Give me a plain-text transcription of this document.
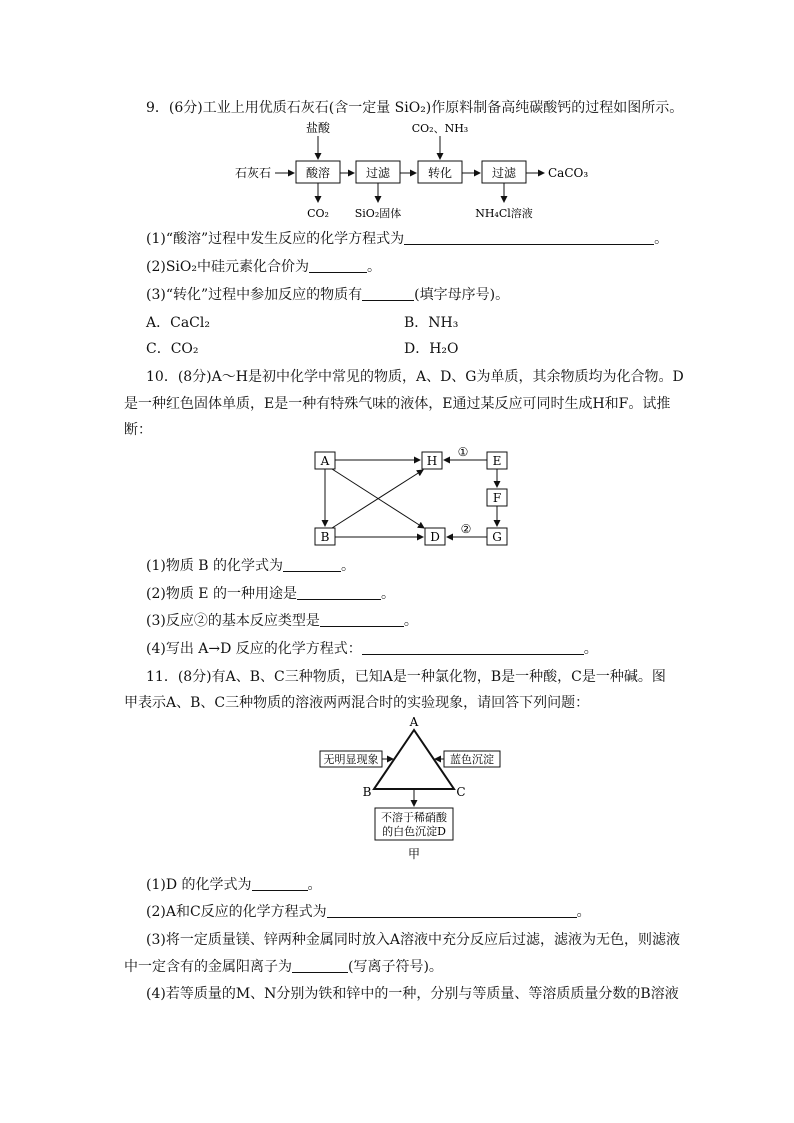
9．(6分)工业上用优质石灰石(含一定量 SiO₂)作原料制备高纯碳酸钙的过程如图所示。
石灰石	酸溶	过滤	转化	过滤	CaCO₃
盐酸	CO₂、NH₃
CO₂ SiO₂固体	NH₄Cl溶液
(1)“酸溶”过程中发生反应的化学方程式为	。
(2)SiO₂中硅元素化合价为	。
(3)“转化”过程中参加反应的物质有	(填字母序号)。
A．CaCl₂	B．NH₃
C．CO₂	D．H₂O
10．(8分)A～H是初中化学中常见的物质，A、D、G为单质，其余物质均为化合物。D
是一种红色固体单质，E是一种有特殊气味的液体，E通过某反应可同时生成H和F。试推
断：
A	H	E
F
B	D	G
①
②
(1)物质 B 的化学式为	。
(2)物质 E 的一种用途是	。
(3)反应②的基本反应类型是	。
(4)写出 A→D 反应的化学方程式：	。
11．(8分)有A、B、C三种物质，已知A是一种氯化物，B是一种酸，C是一种碱。图
甲表示A、B、C三种物质的溶液两两混合时的实验现象，请回答下列问题：
A
B	C
无明显现象	蓝色沉淀
不溶于稀硝酸
的白色沉淀D
甲
(1)D 的化学式为	。
(2)A和C反应的化学方程式为	。
(3)将一定质量镁、锌两种金属同时放入A溶液中充分反应后过滤，滤液为无色，则滤液
中一定含有的金属阳离子为	(写离子符号)。
(4)若等质量的M、N分别为铁和锌中的一种，分别与等质量、等溶质质量分数的B溶液
